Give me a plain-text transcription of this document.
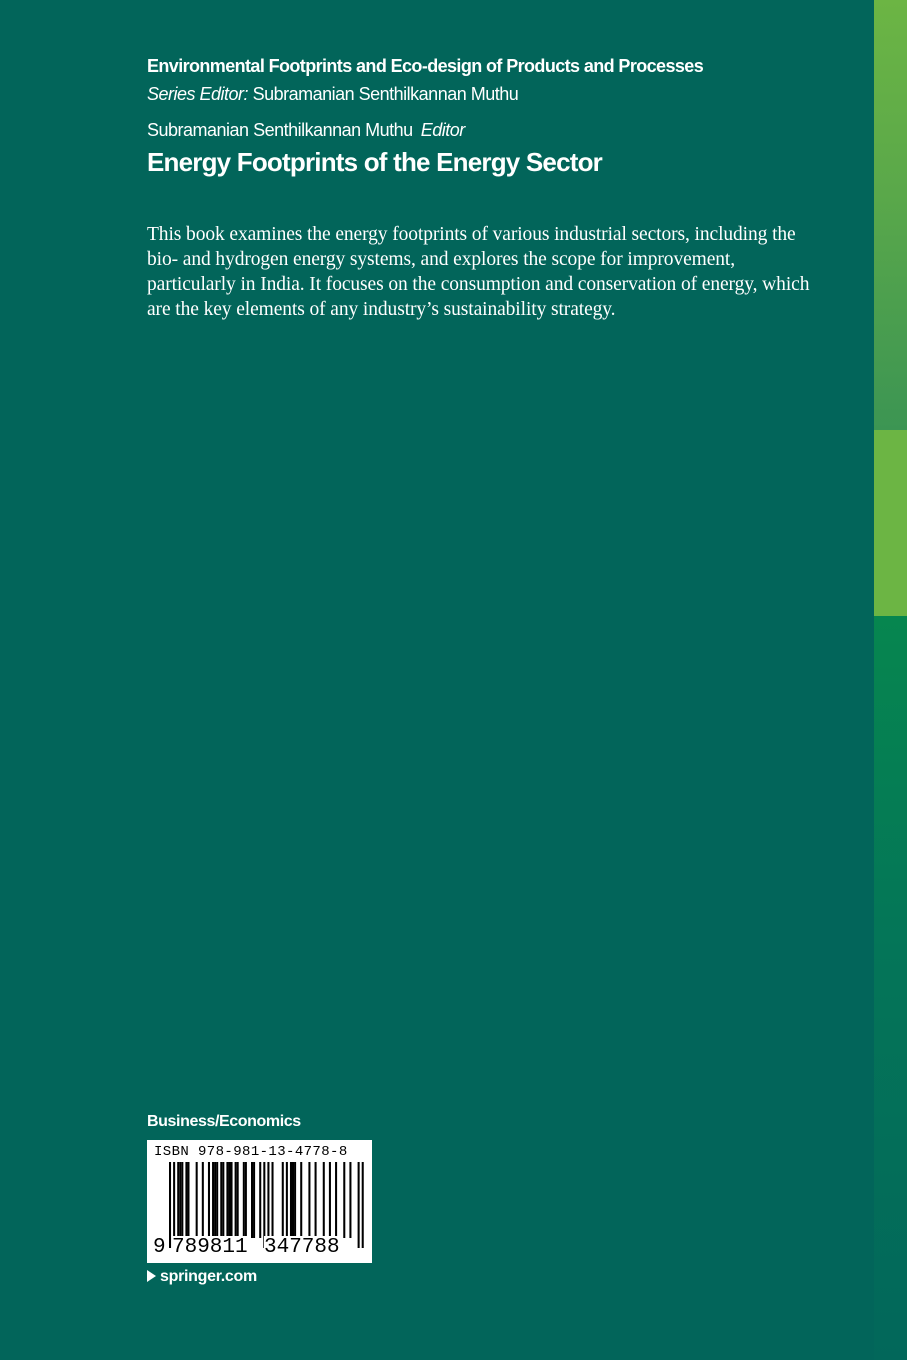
Environmental Footprints and Eco-design of Products and Processes
Series Editor: Subramanian Senthilkannan Muthu
Subramanian Senthilkannan Muthu Editor
Energy Footprints of the Energy Sector

This book examines the energy footprints of various industrial sectors, including the bio- and hydrogen energy systems, and explores the scope for improvement, particularly in India. It focuses on the consumption and conservation of energy, which are the key elements of any industry’s sustainability strategy.

Business/Economics
ISBN 978-981-13-4778-8
9 789811 347788
springer.com
